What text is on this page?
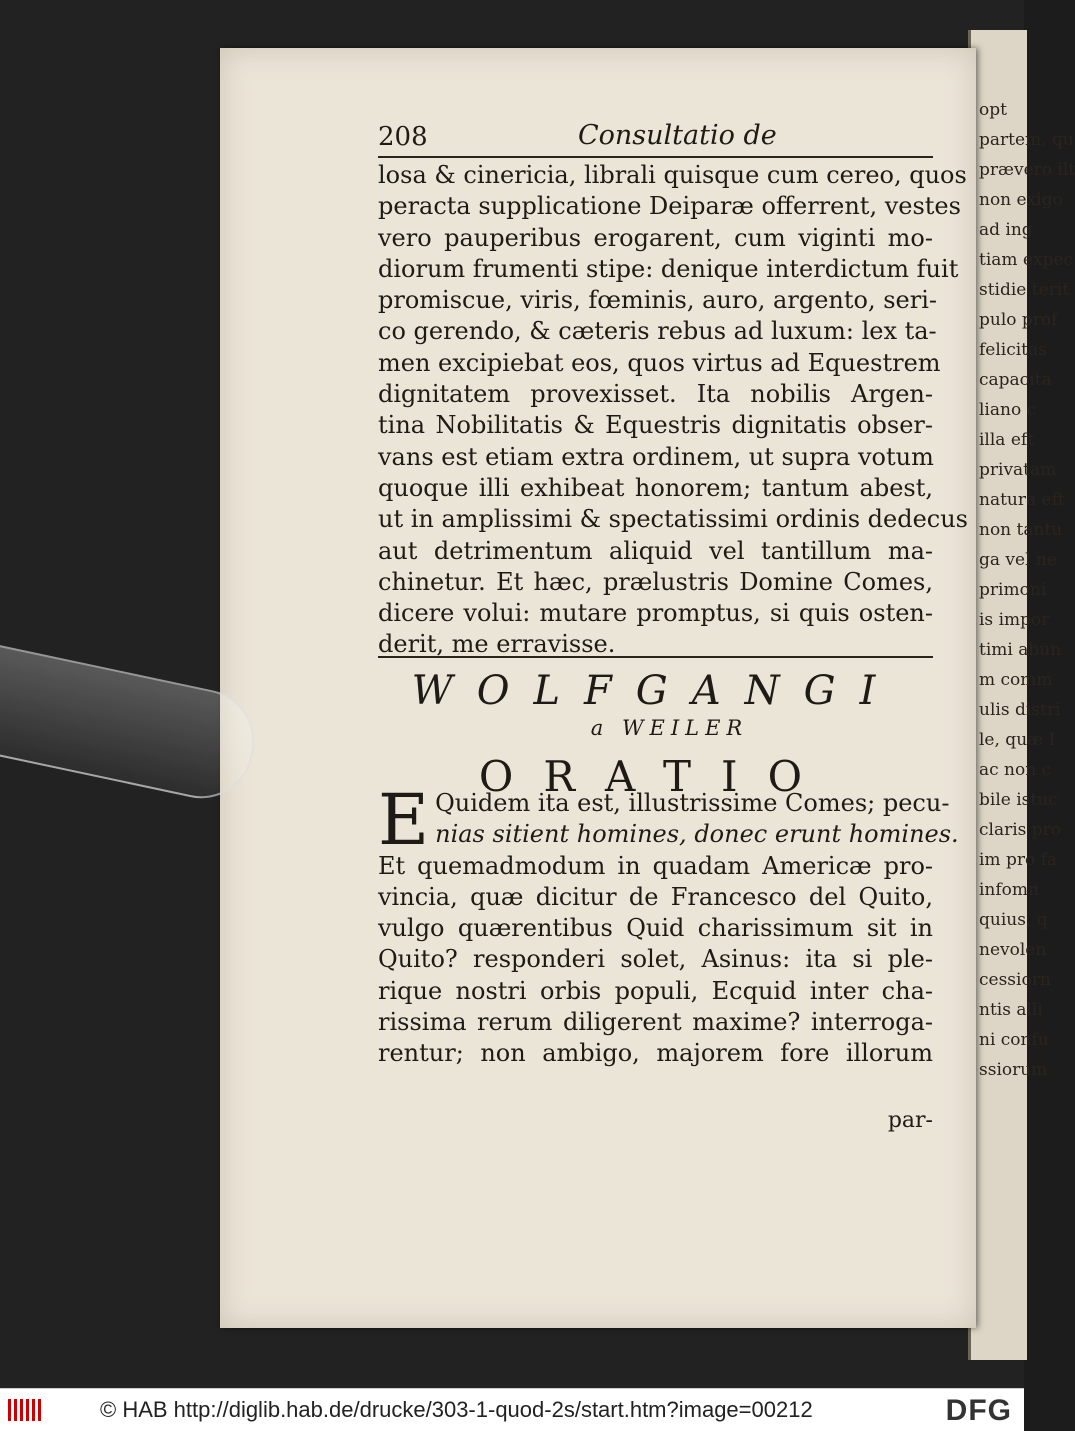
opt
partem, qu
prævero ilt
non exigo
ad ing
tiam expec
stidie terit
pulo prof
felicitas
capacita
liano c
illa eft
privatam
natura eft
non tantu
ga vel ne
primoni
is impor
timi abun
m comm
ulis distri
le, quæ I
ac non c
bile istuc
claris pro
im pro fa
infomn
quius, q
nevolen
cessiorn
ntis alli
ni confu
ssiorum
208	Consultatio de
losa & cinericia, librali quisque cum cereo, quos
peracta supplicatione Deiparæ offerrent, vestes
vero pauperibus erogarent, cum viginti mo-
diorum frumenti stipe: denique interdictum fuit
promiscue, viris, fœminis, auro, argento, seri-
co gerendo, & cæteris rebus ad luxum: lex ta-
men excipiebat eos, quos virtus ad Equestrem
dignitatem provexisset. Ita nobilis Argen-
tina Nobilitatis & Equestris dignitatis obser-
vans est etiam extra ordinem, ut supra votum
quoque illi exhibeat honorem; tantum abest,
ut in amplissimi & spectatissimi ordinis dedecus
aut detrimentum aliquid vel tantillum ma-
chinetur. Et hæc, prælustris Domine Comes,
dicere volui: mutare promptus, si quis osten-
derit, me erravisse.
WOLFGANGI
a WEILER
ORATIO
E Quidem ita est, illustrissime Comes; pecu-
nias sitient homines, donec erunt homines.
Et quemadmodum in quadam Americæ pro-
vincia, quæ dicitur de Francesco del Quito,
vulgo quærentibus Quid charissimum sit in
Quito? responderi solet, Asinus: ita si ple-
rique nostri orbis populi, Ecquid inter cha-
rissima rerum diligerent maxime? interroga-
rentur; non ambigo, majorem fore illorum
par-
© HAB http://diglib.hab.de/drucke/303-1-quod-2s/start.htm?image=00212	DFG
